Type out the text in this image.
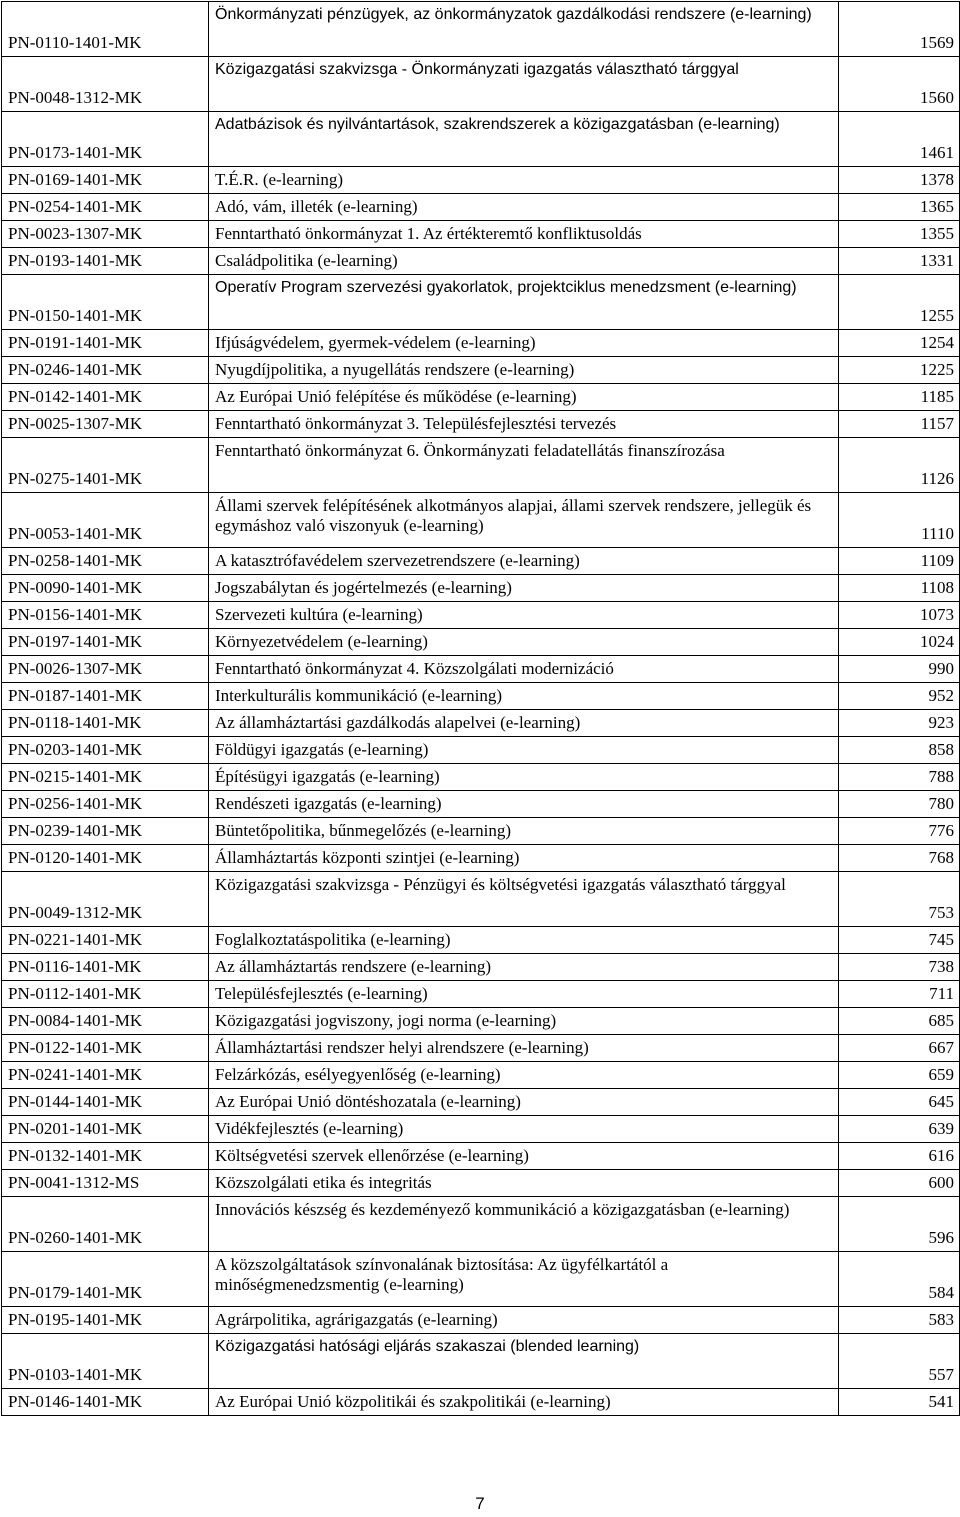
PN-0110-1401-MK	Önkormányzati pénzügyek, az önkormányzatok gazdálkodási rendszere (e-learning)	1569
PN-0048-1312-MK	Közigazgatási szakvizsga - Önkormányzati igazgatás választható tárggyal	1560
PN-0173-1401-MK	Adatbázisok és nyilvántartások, szakrendszerek a közigazgatásban (e-learning)	1461
PN-0169-1401-MK	T.É.R. (e-learning)	1378
PN-0254-1401-MK	Adó, vám, illeték (e-learning)	1365
PN-0023-1307-MK	Fenntartható önkormányzat 1. Az értékteremtő konfliktusoldás	1355
PN-0193-1401-MK	Családpolitika (e-learning)	1331
PN-0150-1401-MK	Operatív Program szervezési gyakorlatok, projektciklus menedzsment (e-learning)	1255
PN-0191-1401-MK	Ifjúságvédelem, gyermek-védelem (e-learning)	1254
PN-0246-1401-MK	Nyugdíjpolitika, a nyugellátás rendszere (e-learning)	1225
PN-0142-1401-MK	Az Európai Unió felépítése és működése (e-learning)	1185
PN-0025-1307-MK	Fenntartható önkormányzat 3. Településfejlesztési tervezés	1157
PN-0275-1401-MK	Fenntartható önkormányzat 6. Önkormányzati feladatellátás finanszírozása	1126
PN-0053-1401-MK	Állami szervek felépítésének alkotmányos alapjai, állami szervek rendszere, jellegük és egymáshoz való viszonyuk (e-learning)	1110
PN-0258-1401-MK	A katasztrófavédelem szervezetrendszere (e-learning)	1109
PN-0090-1401-MK	Jogszabálytan és jogértelmezés (e-learning)	1108
PN-0156-1401-MK	Szervezeti kultúra (e-learning)	1073
PN-0197-1401-MK	Környezetvédelem (e-learning)	1024
PN-0026-1307-MK	Fenntartható önkormányzat 4. Közszolgálati modernizáció	990
PN-0187-1401-MK	Interkulturális kommunikáció (e-learning)	952
PN-0118-1401-MK	Az államháztartási gazdálkodás alapelvei (e-learning)	923
PN-0203-1401-MK	Földügyi igazgatás (e-learning)	858
PN-0215-1401-MK	Építésügyi igazgatás (e-learning)	788
PN-0256-1401-MK	Rendészeti igazgatás (e-learning)	780
PN-0239-1401-MK	Büntetőpolitika, bűnmegelőzés (e-learning)	776
PN-0120-1401-MK	Államháztartás központi szintjei (e-learning)	768
PN-0049-1312-MK	Közigazgatási szakvizsga - Pénzügyi és költségvetési igazgatás választható tárggyal	753
PN-0221-1401-MK	Foglalkoztatáspolitika (e-learning)	745
PN-0116-1401-MK	Az államháztartás rendszere (e-learning)	738
PN-0112-1401-MK	Településfejlesztés (e-learning)	711
PN-0084-1401-MK	Közigazgatási jogviszony, jogi norma (e-learning)	685
PN-0122-1401-MK	Államháztartási rendszer helyi alrendszere (e-learning)	667
PN-0241-1401-MK	Felzárkózás, esélyegyenlőség (e-learning)	659
PN-0144-1401-MK	Az Európai Unió döntéshozatala (e-learning)	645
PN-0201-1401-MK	Vidékfejlesztés (e-learning)	639
PN-0132-1401-MK	Költségvetési szervek ellenőrzése (e-learning)	616
PN-0041-1312-MS	Közszolgálati etika és integritás	600
PN-0260-1401-MK	Innovációs készség és kezdeményező kommunikáció a közigazgatásban (e-learning)	596
PN-0179-1401-MK	A közszolgáltatások színvonalának biztosítása: Az ügyfélkartától a minőségmenedzsmentig (e-learning)	584
PN-0195-1401-MK	Agrárpolitika, agrárigazgatás (e-learning)	583
PN-0103-1401-MK	Közigazgatási hatósági eljárás szakaszai (blended learning)	557
PN-0146-1401-MK	Az Európai Unió közpolitikái és szakpolitikái (e-learning)	541
7
